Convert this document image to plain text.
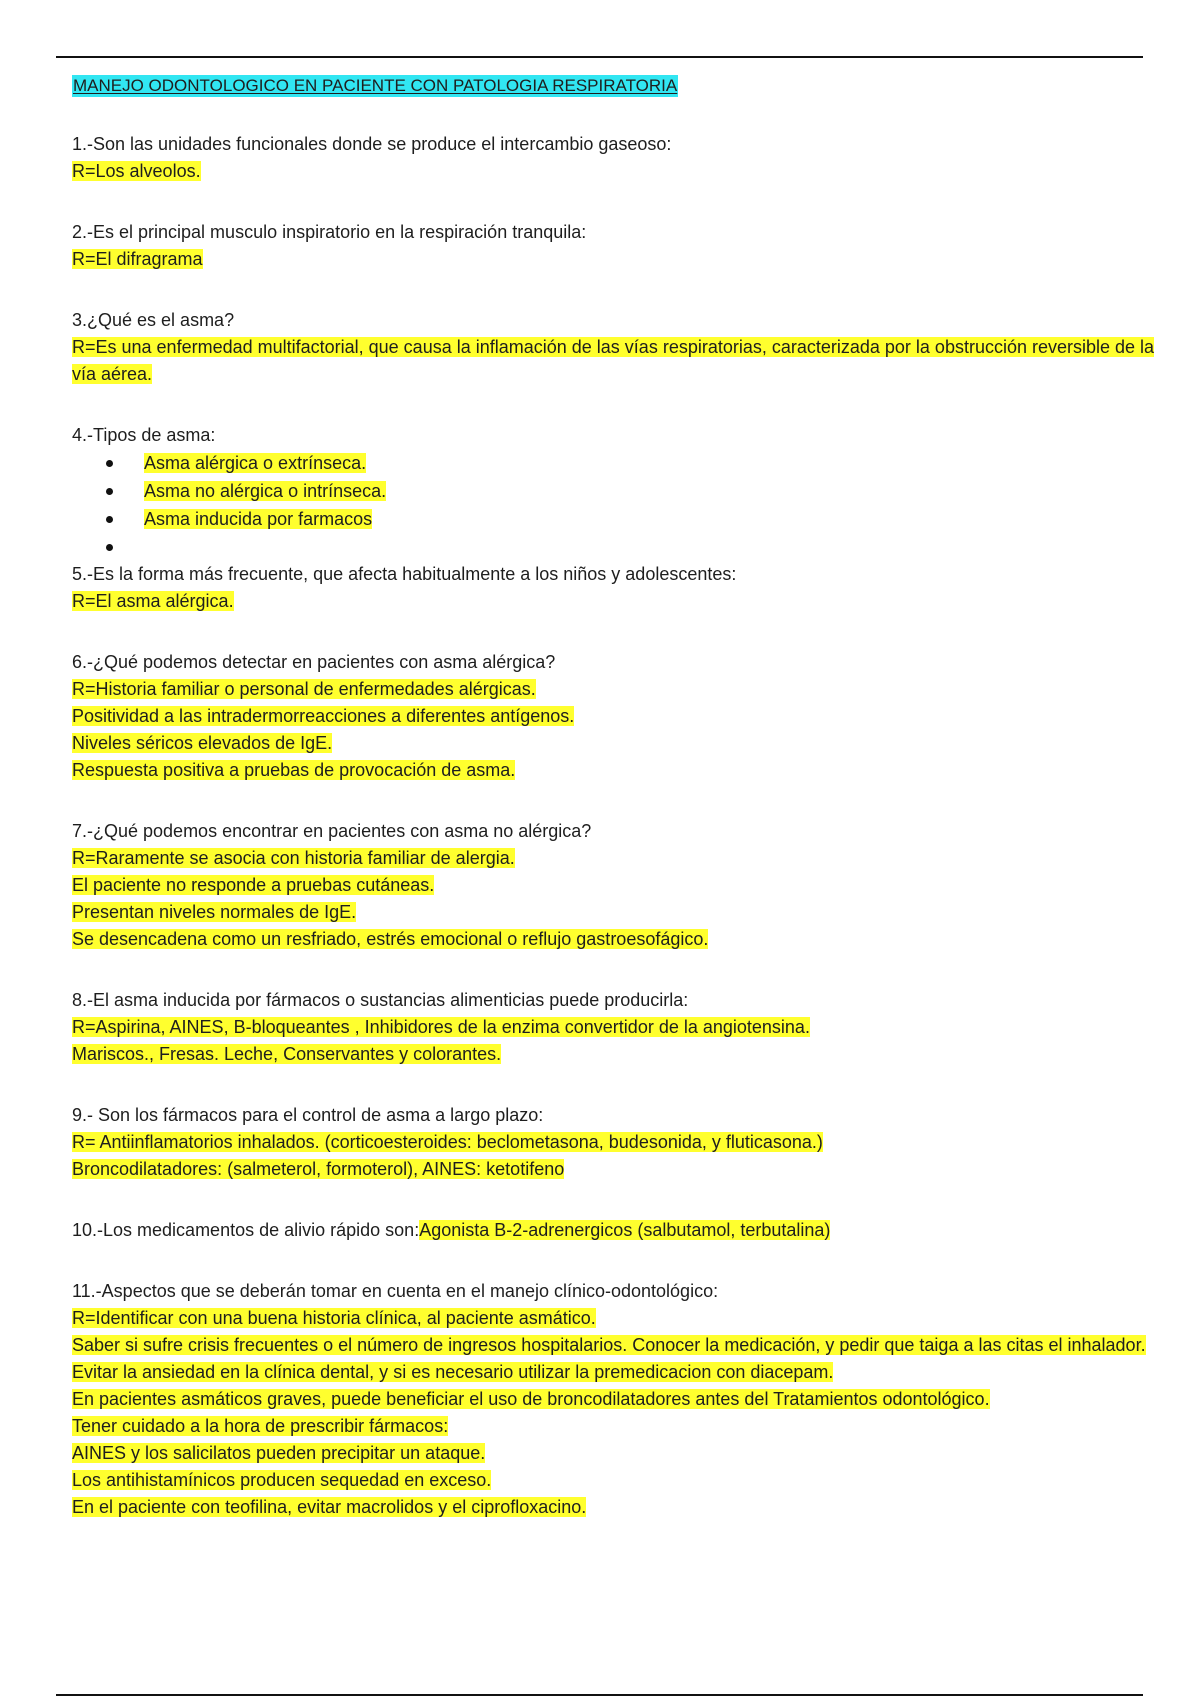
MANEJO ODONTOLOGICO EN PACIENTE CON PATOLOGIA RESPIRATORIA
1.-Son las unidades funcionales donde se produce el intercambio gaseoso:
R=Los alveolos.
2.-Es el principal musculo inspiratorio en la respiración tranquila:
R=El difragrama
3.¿Qué es el asma?
R=Es una enfermedad multifactorial, que causa la inflamación de las vías respiratorias, caracterizada por la obstrucción reversible de la vía aérea.
4.-Tipos de asma:
Asma alérgica o extrínseca.
Asma no alérgica o intrínseca.
Asma inducida por farmacos
5.-Es la forma más frecuente, que afecta habitualmente a los niños y adolescentes:
R=El asma alérgica.
6.-¿Qué podemos detectar en pacientes con asma alérgica?
R=Historia familiar o personal de enfermedades alérgicas.
Positividad a las intradermorreacciones a diferentes antígenos.
Niveles séricos elevados de IgE.
Respuesta positiva a pruebas de provocación de asma.
7.-¿Qué podemos encontrar en pacientes con asma no alérgica?
R=Raramente se asocia con historia familiar de alergia.
El paciente no responde a pruebas cutáneas.
Presentan niveles normales de IgE.
Se desencadena como un resfriado, estrés emocional o reflujo gastroesofágico.
8.-El asma inducida por fármacos o sustancias alimenticias puede producirla:
R=Aspirina, AINES, B-bloqueantes , Inhibidores de la enzima convertidor de la angiotensina.
Mariscos., Fresas. Leche, Conservantes y colorantes.
9.- Son los fármacos para el control de asma a largo plazo:
R= Antiinflamatorios inhalados. (corticoesteroides: beclometasona, budesonida, y fluticasona.)
Broncodilatadores: (salmeterol, formoterol), AINES: ketotifeno
10.-Los medicamentos de alivio rápido son:Agonista B-2-adrenergicos (salbutamol, terbutalina)
11.-Aspectos que se deberán tomar en cuenta en el manejo clínico-odontológico:
R=Identificar con una buena historia clínica, al paciente asmático.
Saber si sufre crisis frecuentes o el número de ingresos hospitalarios. Conocer la medicación, y pedir que taiga a las citas el inhalador.
Evitar la ansiedad en la clínica dental, y si es necesario utilizar la premedicacion con diacepam.
En pacientes asmáticos graves, puede beneficiar el uso de broncodilatadores antes del Tratamientos odontológico.
Tener cuidado a la hora de prescribir fármacos:
AINES y los salicilatos pueden precipitar un ataque.
Los antihistamínicos producen sequedad en exceso.
En el paciente con teofilina, evitar macrolidos y el ciprofloxacino.
